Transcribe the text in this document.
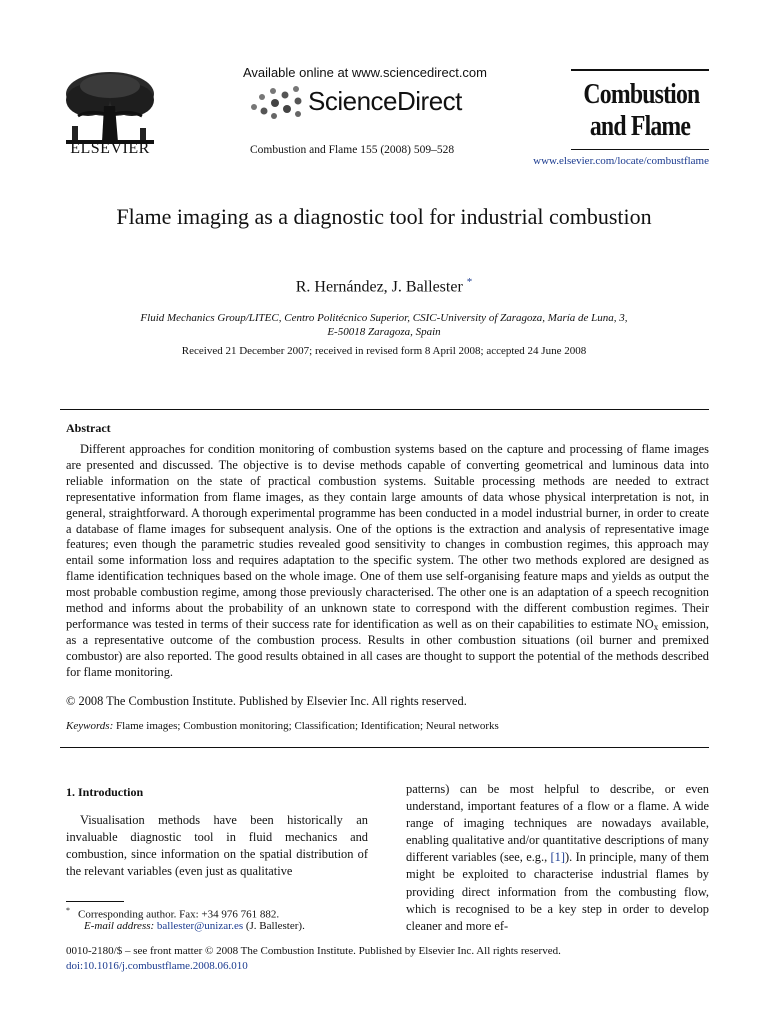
ELSEVIER
Available online at www.sciencedirect.com
ScienceDirect
Combustion and Flame 155 (2008) 509–528
Combustion
and Flame
www.elsevier.com/locate/combustflame
Flame imaging as a diagnostic tool for industrial combustion
R. Hernández, J. Ballester *
Fluid Mechanics Group/LITEC, Centro Politécnico Superior, CSIC-University of Zaragoza, María de Luna, 3,
E-50018 Zaragoza, Spain
Received 21 December 2007; received in revised form 8 April 2008; accepted 24 June 2008
Abstract
Different approaches for condition monitoring of combustion systems based on the capture and processing of flame images are presented and discussed. The objective is to devise methods capable of converting geometrical and luminous data into reliable information on the state of practical combustion systems. Suitable processing methods are needed to extract representative information from flame images, as they contain large amounts of data whose physical interpretation is not, in general, straightforward. A thorough experimental programme has been conducted in a model industrial burner, in order to create a database of flame images for subsequent analysis. One of the options is the extraction and analysis of representative image features; even though the parametric studies revealed good sensitivity to changes in combustion regimes, this approach may entail some information loss and requires adaptation to the specific system. The other two methods explored are designed as flame identification techniques based on the whole image. One of them use self-organising feature maps and yields as output the most probable combustion regime, among those previously characterised. The other one is an adaptation of a speech recognition method and informs about the probability of an unknown state to correspond with the different combustion regimes. Their performance was tested in terms of their success rate for identification as well as on their capabilities to estimate $NO_x$ emission, as a representative outcome of the combustion process. Results in other combustion situations (oil burner and premixed combustor) are also reported. The good results obtained in all cases are thought to support the potential of the methods described for flame monitoring.
© 2008 The Combustion Institute. Published by Elsevier Inc. All rights reserved.
Keywords: Flame images; Combustion monitoring; Classification; Identification; Neural networks
1. Introduction
Visualisation methods have been historically an invaluable diagnostic tool in fluid mechanics and combustion, since information on the spatial distribution of the relevant variables (even just as qualitative
patterns) can be most helpful to describe, or even understand, important features of a flow or a flame. A wide range of imaging techniques are nowadays available, enabling qualitative and/or quantitative descriptions of many different variables (see, e.g., [1]). In principle, many of them might be exploited to characterise industrial flames by providing direct information from the combusting flow, which is recognised to be a key step in order to develop cleaner and more ef-
* Corresponding author. Fax: +34 976 761 882.
E-mail address: ballester@unizar.es (J. Ballester).
0010-2180/$ – see front matter © 2008 The Combustion Institute. Published by Elsevier Inc. All rights reserved.
doi:10.1016/j.combustflame.2008.06.010
